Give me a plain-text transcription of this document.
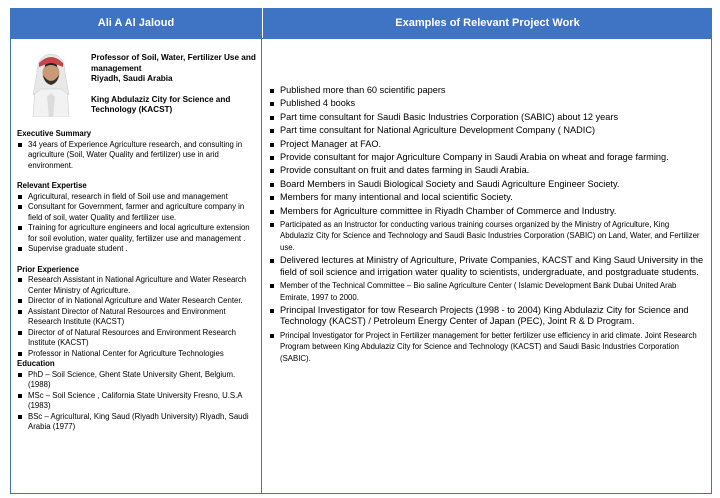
Ali A Al Jaloud	Examples of Relevant Project Work
Professor of Soil, Water, Fertilizer Use and management
Riyadh, Saudi Arabia
King Abdulaziz City for Science and Technology (KACST)
Executive Summary
34 years of Experience Agriculture research, and consulting in agriculture (Soil, Water Quality and fertilizer) use in arid environment.
Relevant Expertise
Agricultural, research in field of Soil use and management
Consultant for Government, farmer and agriculture company in field of soil, water Quality and fertilizer use.
Training for agriculture engineers and local agriculture extension for soil evolution, water quality, fertilizer use and management .
Supervise graduate student .
Prior Experience
Research Assistant in National Agriculture and Water Research Center Ministry of Agriculture.
Director of in National Agriculture and Water Research Center.
Assistant Director of Natural Resources and Environment Research Institute (KACST)
Director of of Natural Resources and Environment Research Institute (KACST)
Professor in National Center for Agriculture Technologies
Education
PhD – Soil Science, Ghent State University Ghent, Belgium. (1988)
MSc – Soil Science , California State University Fresno, U.S.A (1983)
BSc – Agricultural, King Saud (Riyadh University) Riyadh, Saudi Arabia (1977)
Published more than 60 scientific papers
Published 4 books
Part time consultant for Saudi Basic Industries Corporation (SABIC) about 12 years
Part time consultant for National Agriculture Development Company ( NADIC)
Project Manager at FAO.
Provide consultant for major Agriculture Company in Saudi Arabia on wheat and forage farming.
Provide consultant on fruit and dates farming in Saudi Arabia.
Board Members in Saudi Biological Society and Saudi Agriculture Engineer Society.
Members for many intentional and local scientific Society.
Members for Agriculture committee in Riyadh Chamber of Commerce and Industry.
Participated as an Instructor for conducting various training courses organized by the Ministry of Agriculture, King Abdulaziz City for Science and Technology and Saudi Basic Industries Corporation (SABIC) on Land, Water, and Fertilizer use.
Delivered lectures at Ministry of Agriculture, Private Companies, KACST and King Saud University in the field of soil science and irrigation water quality to scientists, undergraduate, and postgraduate students.
Member of the Technical Committee – Bio saline Agriculture Center ( Islamic Development Bank Dubai United Arab Emirate, 1997 to 2000.
Principal Investigator for tow Research Projects (1998 - to 2004) King Abdulaziz City for Science and Technology (KACST) / Petroleum Energy Center of Japan (PEC), Joint R & D Program.
Principal Investigator for Project in Fertilizer management for better fertilizer use efficiency in arid climate. Joint Research Program between King Abdulaziz City for Science and Technology (KACST) and Saudi Basic Industries Corporation (SABIC).
